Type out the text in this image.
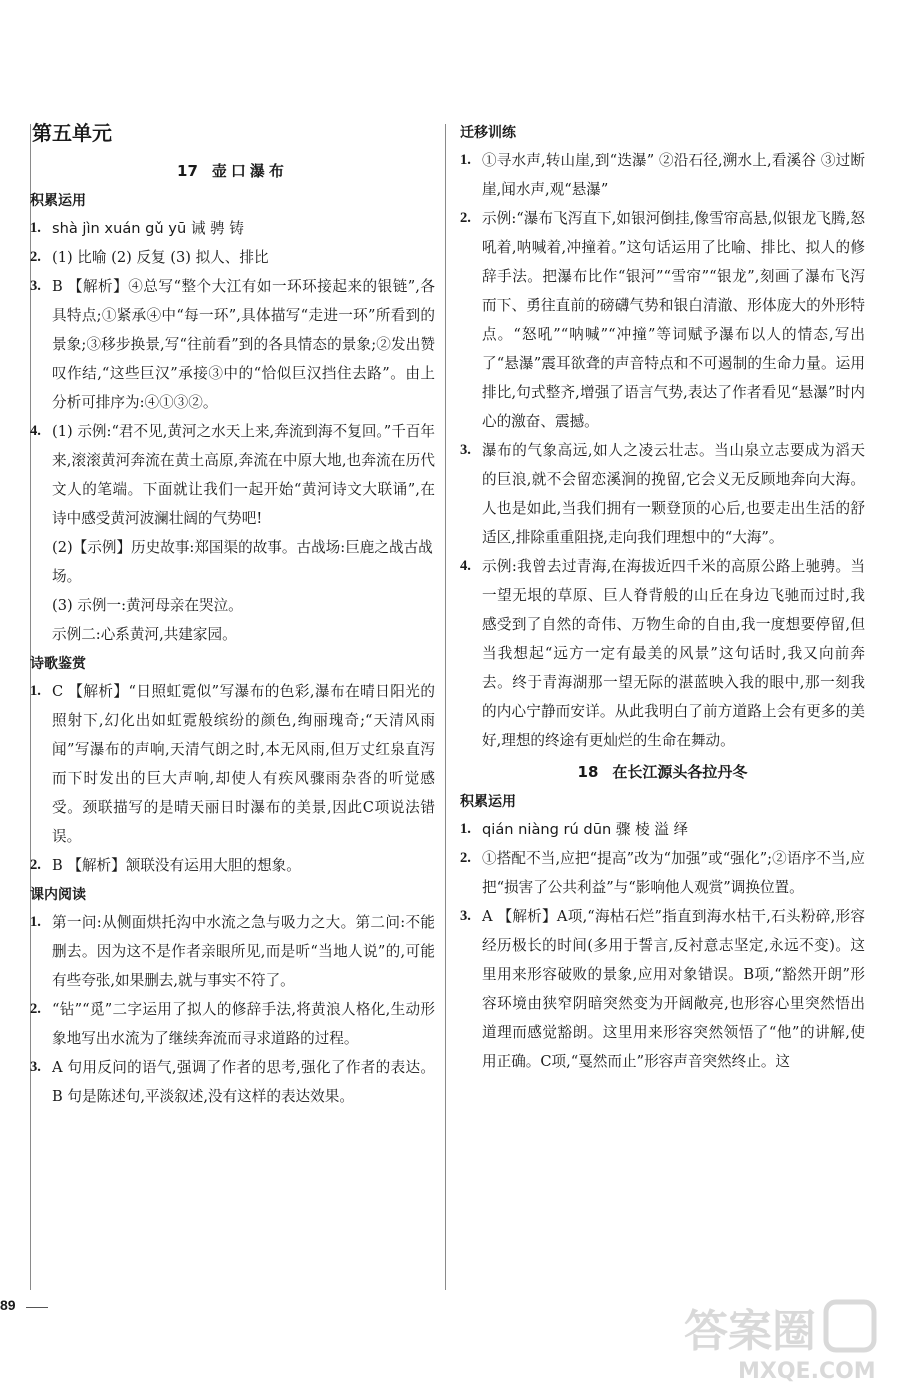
第五单元
17 壶口瀑布
积累运用
1. shà jìn xuán gǔ yū 诫 骋 铸
2. (1) 比喻 (2) 反复 (3) 拟人、排比
3. B 【解析】④总写“整个大江有如一环环接起来的银链”,各具特点;①紧承④中“每一环”,具体描写“走进一环”所看到的景象;③移步换景,写“往前看”到的各具情态的景象;②发出赞叹作结,“这些巨汉”承接③中的“恰似巨汉挡住去路”。由上分析可排序为:④①③②。
4. (1) 示例:“君不见,黄河之水天上来,奔流到海不复回。”千百年来,滚滚黄河奔流在黄土高原,奔流在中原大地,也奔流在历代文人的笔端。下面就让我们一起开始“黄河诗文大联诵”,在诗中感受黄河波澜壮阔的气势吧!
(2)【示例】历史故事:郑国渠的故事。古战场:巨鹿之战古战场。
(3) 示例一:黄河母亲在哭泣。
示例二:心系黄河,共建家园。
诗歌鉴赏
1. C 【解析】“日照虹霓似”写瀑布的色彩,瀑布在晴日阳光的照射下,幻化出如虹霓般缤纷的颜色,绚丽瑰奇;“天清风雨闻”写瀑布的声响,天清气朗之时,本无风雨,但万丈红泉直泻而下时发出的巨大声响,却使人有疾风骤雨杂沓的听觉感受。颈联描写的是晴天丽日时瀑布的美景,因此C项说法错误。
2. B 【解析】颔联没有运用大胆的想象。
课内阅读
1. 第一问:从侧面烘托沟中水流之急与吸力之大。第二问:不能删去。因为这不是作者亲眼所见,而是听“当地人说”的,可能有些夸张,如果删去,就与事实不符了。
2. “钻”“觅”二字运用了拟人的修辞手法,将黄浪人格化,生动形象地写出水流为了继续奔流而寻求道路的过程。
3. A 句用反问的语气,强调了作者的思考,强化了作者的表达。B 句是陈述句,平淡叙述,没有这样的表达效果。
迁移训练
1. ①寻水声,转山崖,到“迭瀑” ②沿石径,溯水上,看溪谷 ③过断崖,闻水声,观“悬瀑”
2. 示例:“瀑布飞泻直下,如银河倒挂,像雪帘高悬,似银龙飞腾,怒吼着,呐喊着,冲撞着。”这句话运用了比喻、排比、拟人的修辞手法。把瀑布比作“银河”“雪帘”“银龙”,刻画了瀑布飞泻而下、勇往直前的磅礴气势和银白清澈、形体庞大的外形特点。“怒吼”“呐喊”“冲撞”等词赋予瀑布以人的情态,写出了“悬瀑”震耳欲聋的声音特点和不可遏制的生命力量。运用排比,句式整齐,增强了语言气势,表达了作者看见“悬瀑”时内心的激奋、震撼。
3. 瀑布的气象高远,如人之凌云壮志。当山泉立志要成为滔天的巨浪,就不会留恋溪涧的挽留,它会义无反顾地奔向大海。人也是如此,当我们拥有一颗登顶的心后,也要走出生活的舒适区,排除重重阻挠,走向我们理想中的“大海”。
4. 示例:我曾去过青海,在海拔近四千米的高原公路上驰骋。当一望无垠的草原、巨人脊背般的山丘在身边飞驰而过时,我感受到了自然的奇伟、万物生命的自由,我一度想要停留,但当我想起“远方一定有最美的风景”这句话时,我又向前奔去。终于青海湖那一望无际的湛蓝映入我的眼中,那一刻我的内心宁静而安详。从此我明白了前方道路上会有更多的美好,理想的终途有更灿烂的生命在舞动。
18 在长江源头各拉丹冬
积累运用
1. qián niàng rú dūn 骤 棱 溢 绎
2. ①搭配不当,应把“提高”改为“加强”或“强化”;②语序不当,应把“损害了公共利益”与“影响他人观赏”调换位置。
3. A 【解析】A项,“海枯石烂”指直到海水枯干,石头粉碎,形容经历极长的时间(多用于誓言,反衬意志坚定,永远不变)。这里用来形容破败的景象,应用对象错误。B项,“豁然开朗”形容环境由狭窄阴暗突然变为开阔敞亮,也形容心里突然悟出道理而感觉豁朗。这里用来形容突然领悟了“他”的讲解,使用正确。C项,“戛然而止”形容声音突然终止。这
89
答案圈
MXQE.COM
